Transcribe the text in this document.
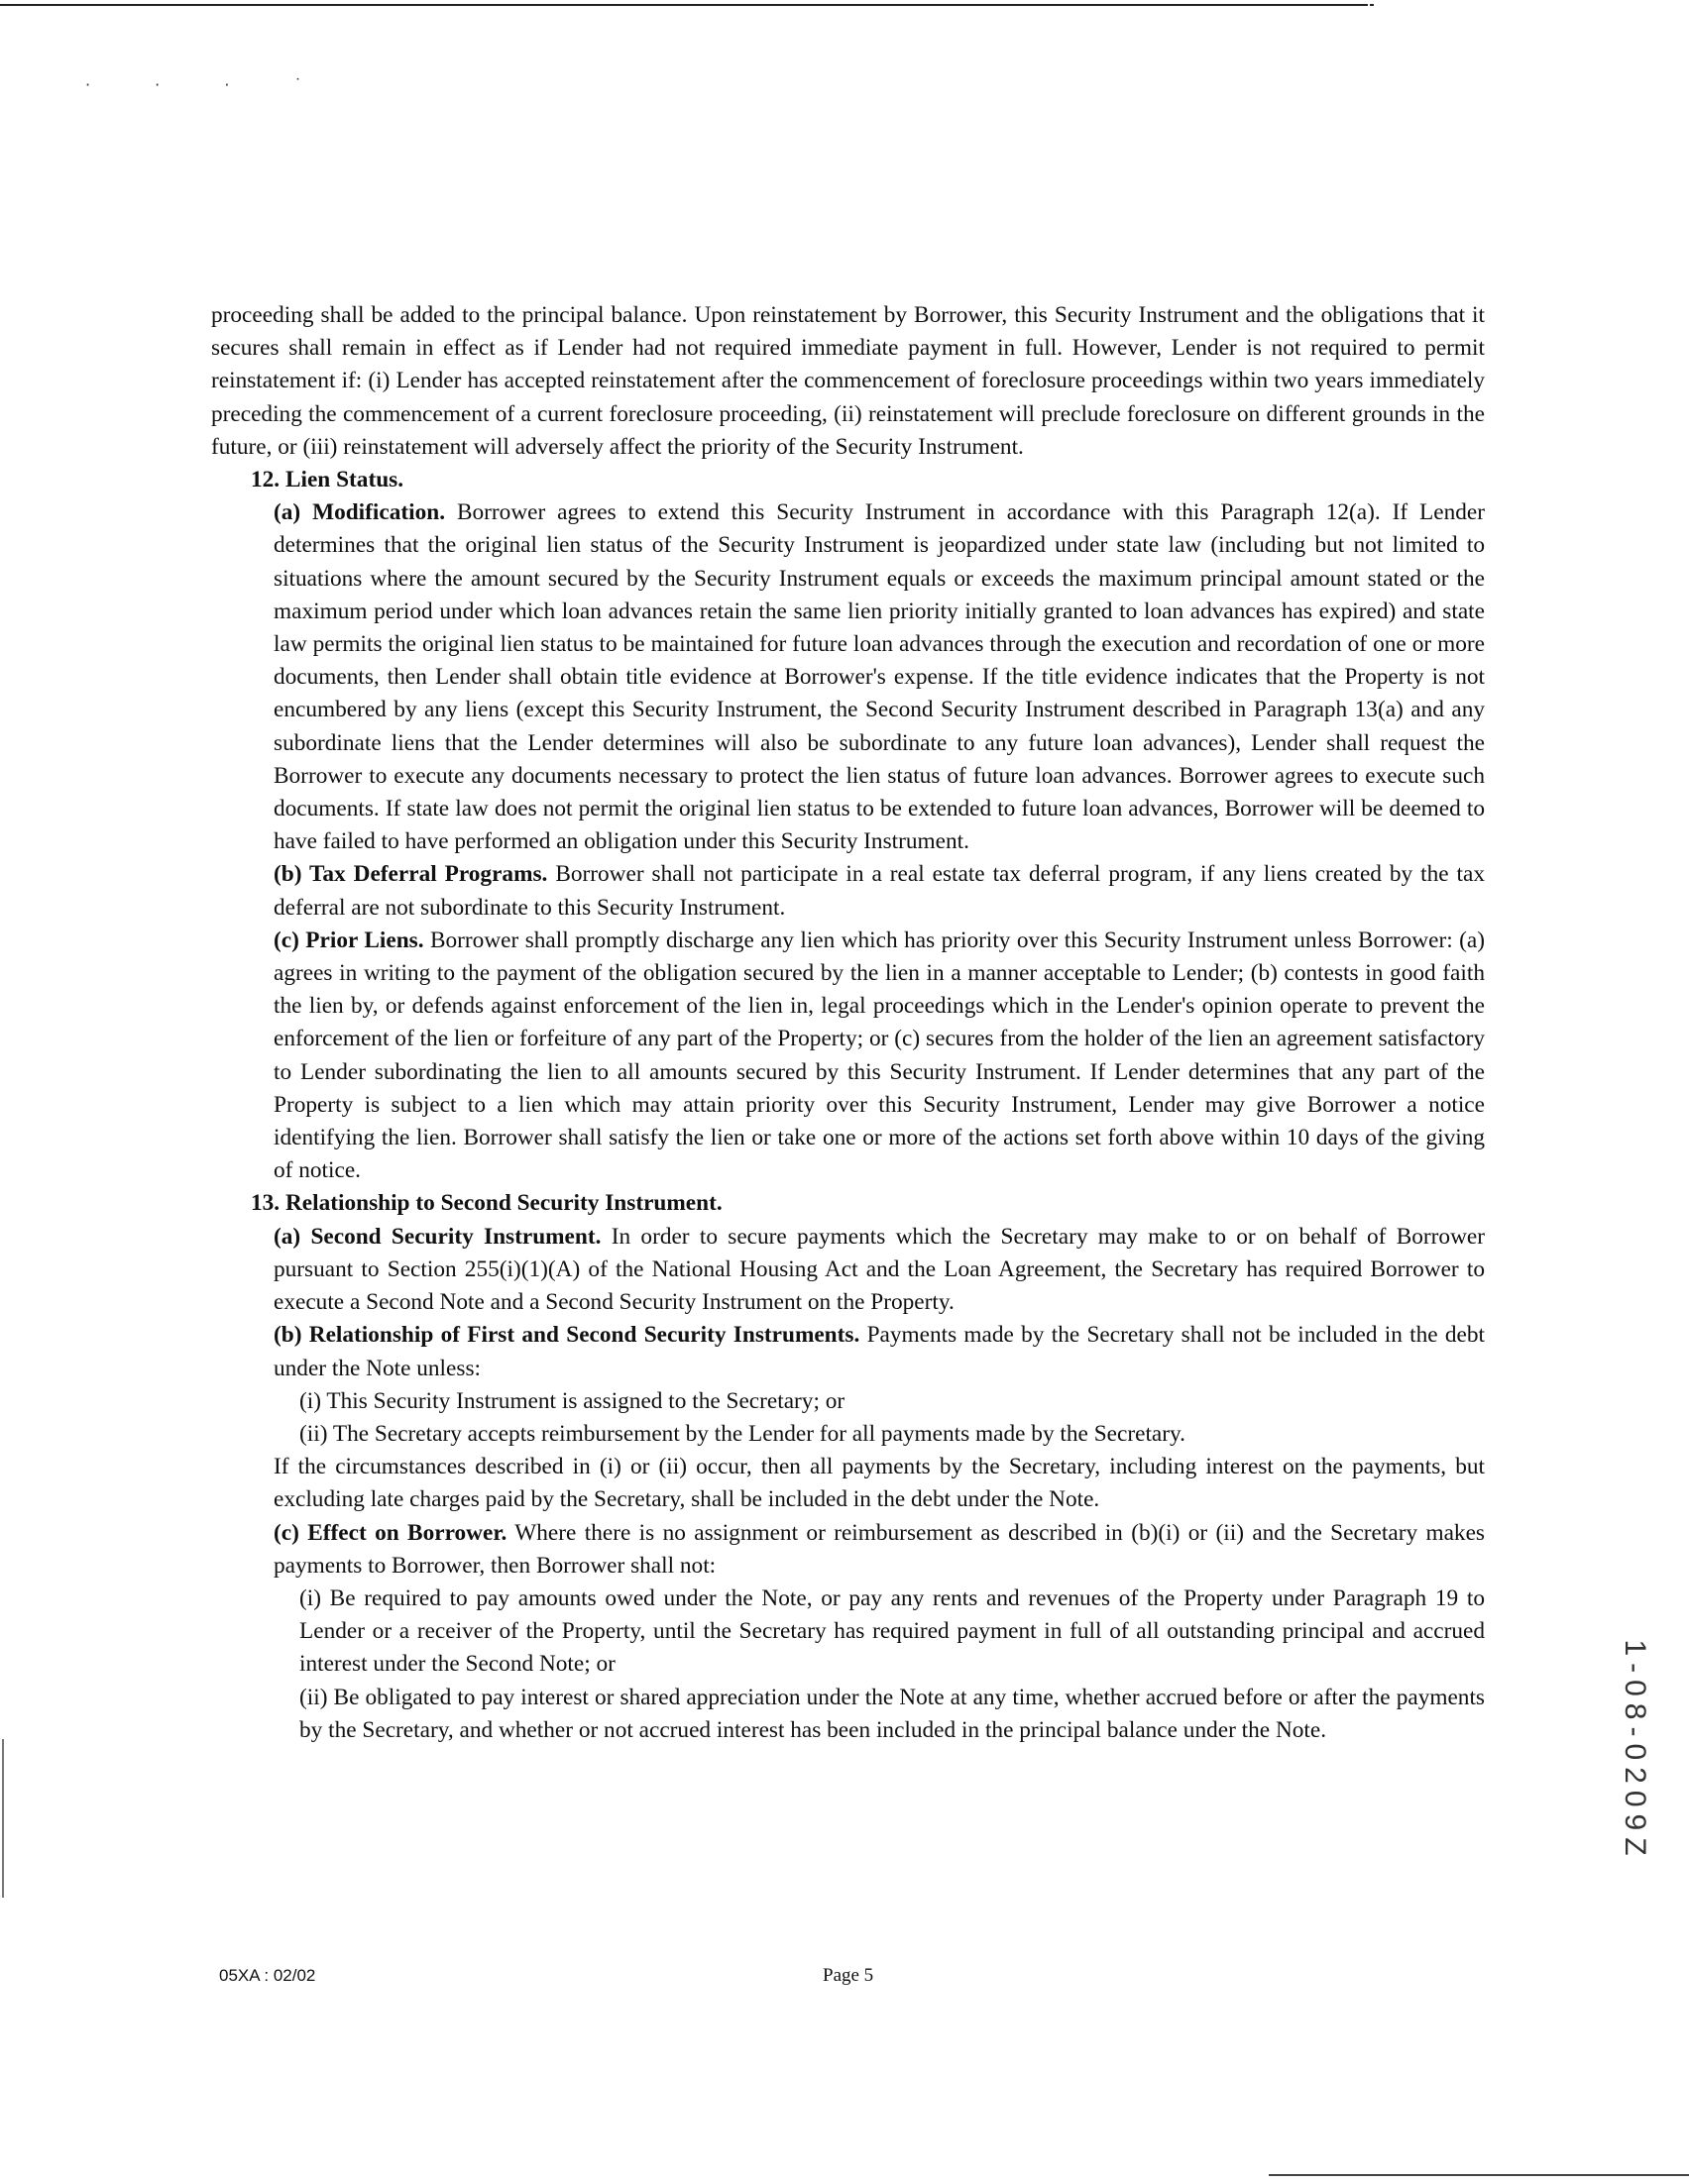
· · · ˙

proceeding shall be added to the principal balance. Upon reinstatement by Borrower, this Security Instrument and the obligations that it secures shall remain in effect as if Lender had not required immediate payment in full. However, Lender is not required to permit reinstatement if: (i) Lender has accepted reinstatement after the commencement of foreclosure proceedings within two years immediately preceding the commencement of a current foreclosure proceeding, (ii) reinstatement will preclude foreclosure on different grounds in the future, or (iii) reinstatement will adversely affect the priority of the Security Instrument.

12. Lien Status.

(a) Modification. Borrower agrees to extend this Security Instrument in accordance with this Paragraph 12(a). If Lender determines that the original lien status of the Security Instrument is jeopardized under state law (including but not limited to situations where the amount secured by the Security Instrument equals or exceeds the maximum principal amount stated or the maximum period under which loan advances retain the same lien priority initially granted to loan advances has expired) and state law permits the original lien status to be maintained for future loan advances through the execution and recordation of one or more documents, then Lender shall obtain title evidence at Borrower's expense. If the title evidence indicates that the Property is not encumbered by any liens (except this Security Instrument, the Second Security Instrument described in Paragraph 13(a) and any subordinate liens that the Lender determines will also be subordinate to any future loan advances), Lender shall request the Borrower to execute any documents necessary to protect the lien status of future loan advances. Borrower agrees to execute such documents. If state law does not permit the original lien status to be extended to future loan advances, Borrower will be deemed to have failed to have performed an obligation under this Security Instrument.

(b) Tax Deferral Programs. Borrower shall not participate in a real estate tax deferral program, if any liens created by the tax deferral are not subordinate to this Security Instrument.

(c) Prior Liens. Borrower shall promptly discharge any lien which has priority over this Security Instrument unless Borrower: (a) agrees in writing to the payment of the obligation secured by the lien in a manner acceptable to Lender; (b) contests in good faith the lien by, or defends against enforcement of the lien in, legal proceedings which in the Lender's opinion operate to prevent the enforcement of the lien or forfeiture of any part of the Property; or (c) secures from the holder of the lien an agreement satisfactory to Lender subordinating the lien to all amounts secured by this Security Instrument. If Lender determines that any part of the Property is subject to a lien which may attain priority over this Security Instrument, Lender may give Borrower a notice identifying the lien. Borrower shall satisfy the lien or take one or more of the actions set forth above within 10 days of the giving of notice.

13. Relationship to Second Security Instrument.

(a) Second Security Instrument. In order to secure payments which the Secretary may make to or on behalf of Borrower pursuant to Section 255(i)(1)(A) of the National Housing Act and the Loan Agreement, the Secretary has required Borrower to execute a Second Note and a Second Security Instrument on the Property.

(b) Relationship of First and Second Security Instruments. Payments made by the Secretary shall not be included in the debt under the Note unless:

(i) This Security Instrument is assigned to the Secretary; or

(ii) The Secretary accepts reimbursement by the Lender for all payments made by the Secretary.

If the circumstances described in (i) or (ii) occur, then all payments by the Secretary, including interest on the payments, but excluding late charges paid by the Secretary, shall be included in the debt under the Note.

(c) Effect on Borrower. Where there is no assignment or reimbursement as described in (b)(i) or (ii) and the Secretary makes payments to Borrower, then Borrower shall not:

(i) Be required to pay amounts owed under the Note, or pay any rents and revenues of the Property under Paragraph 19 to Lender or a receiver of the Property, until the Secretary has required payment in full of all outstanding principal and accrued interest under the Second Note; or

(ii) Be obligated to pay interest or shared appreciation under the Note at any time, whether accrued before or after the payments by the Secretary, and whether or not accrued interest has been included in the principal balance under the Note.

05XA : 02/02	Page 5
1-08-0209Z
